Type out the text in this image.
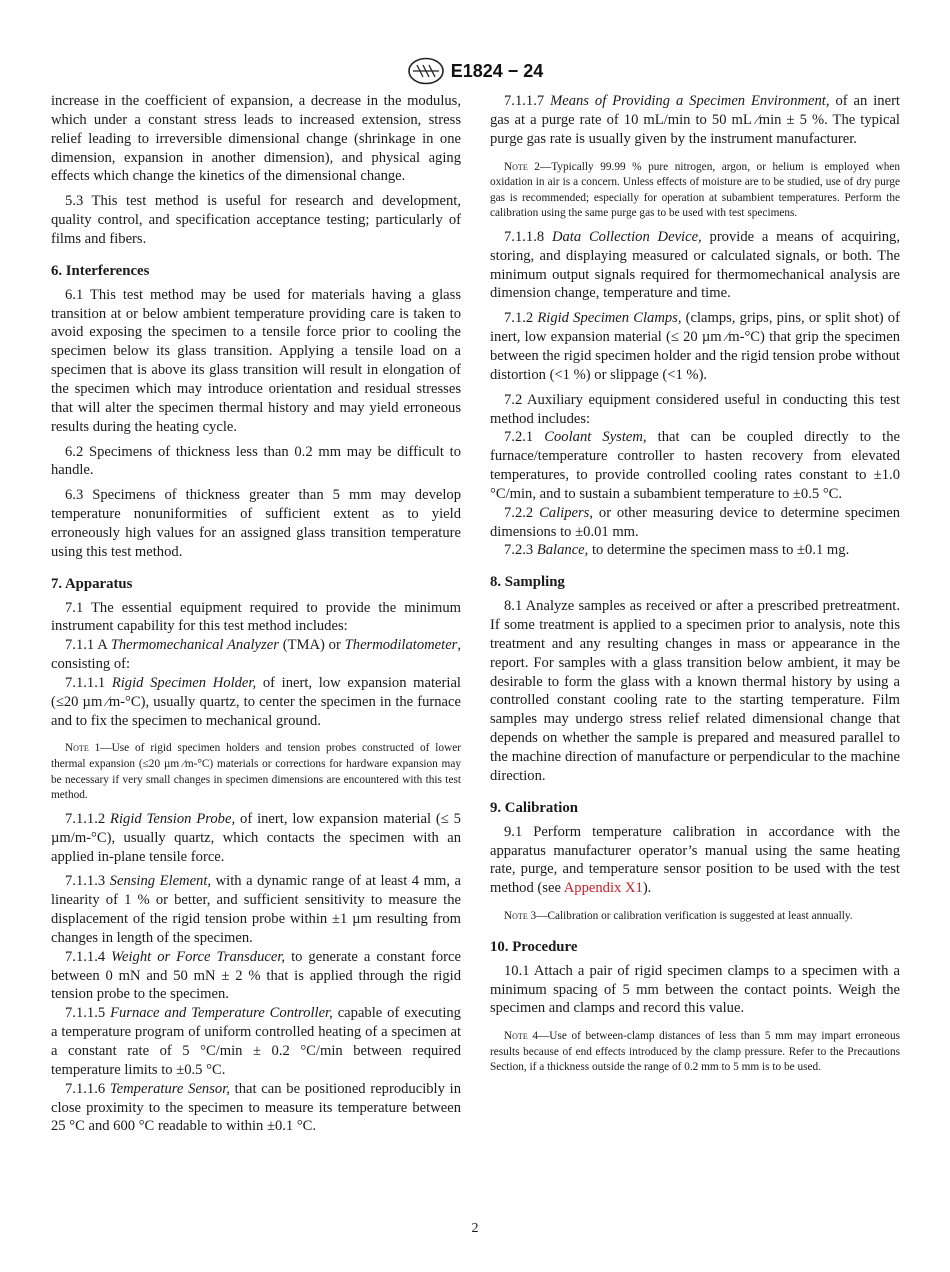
E1824 − 24

increase in the coefficient of expansion, a decrease in the modulus, which under a constant stress leads to increased extension, stress relief leading to irreversible dimensional change (shrinkage in one dimension, expansion in another dimension), and physical aging effects which change the kinetics of the dimensional change.

5.3 This test method is useful for research and development, quality control, and specification acceptance testing; particularly of films and fibers.

6. Interferences

6.1 This test method may be used for materials having a glass transition at or below ambient temperature providing care is taken to avoid exposing the specimen to a tensile force prior to cooling the specimen below its glass transition. Applying a tensile load on a specimen that is above its glass transition will result in elongation of the specimen which may introduce orientation and residual stresses that will alter the specimen thermal history and may yield erroneous results during the heating cycle.

6.2 Specimens of thickness less than 0.2 mm may be difficult to handle.

6.3 Specimens of thickness greater than 5 mm may develop temperature nonuniformities of sufficient extent as to yield erroneously high values for an assigned glass transition temperature using this test method.

7. Apparatus

7.1 The essential equipment required to provide the minimum instrument capability for this test method includes:

7.1.1 A Thermomechanical Analyzer (TMA) or Thermodilatometer, consisting of:

7.1.1.1 Rigid Specimen Holder, of inert, low expansion material (≤20 µm ⁄m-°C), usually quartz, to center the specimen in the furnace and to fix the specimen to mechanical ground.

Note 1—Use of rigid specimen holders and tension probes constructed of lower thermal expansion (≤20 µm ⁄m-°C) materials or corrections for hardware expansion may be necessary if very small changes in specimen dimensions are encountered with this test method.

7.1.1.2 Rigid Tension Probe, of inert, low expansion material (≤ 5 µm/m-°C), usually quartz, which contacts the specimen with an applied in-plane tensile force.

7.1.1.3 Sensing Element, with a dynamic range of at least 4 mm, a linearity of 1 % or better, and sufficient sensitivity to measure the displacement of the rigid tension probe within ±1 µm resulting from changes in length of the specimen.

7.1.1.4 Weight or Force Transducer, to generate a constant force between 0 mN and 50 mN ± 2 % that is applied through the rigid tension probe to the specimen.

7.1.1.5 Furnace and Temperature Controller, capable of executing a temperature program of uniform controlled heating of a specimen at a constant rate of 5 °C/min ± 0.2 °C/min between required temperature limits to ±0.5 °C.

7.1.1.6 Temperature Sensor, that can be positioned reproducibly in close proximity to the specimen to measure its temperature between 25 °C and 600 °C readable to within ±0.1 °C.

7.1.1.7 Means of Providing a Specimen Environment, of an inert gas at a purge rate of 10 mL/min to 50 mL ⁄min ± 5 %. The typical purge gas rate is usually given by the instrument manufacturer.

Note 2—Typically 99.99 % pure nitrogen, argon, or helium is employed when oxidation in air is a concern. Unless effects of moisture are to be studied, use of dry purge gas is recommended; especially for operation at subambient temperatures. Perform the calibration using the same purge gas to be used with test specimens.

7.1.1.8 Data Collection Device, provide a means of acquiring, storing, and displaying measured or calculated signals, or both. The minimum output signals required for thermomechanical analysis are dimension change, temperature and time.

7.1.2 Rigid Specimen Clamps, (clamps, grips, pins, or split shot) of inert, low expansion material (≤ 20 µm ⁄m-°C) that grip the specimen between the rigid specimen holder and the rigid tension probe without distortion (<1 %) or slippage (<1 %).

7.2 Auxiliary equipment considered useful in conducting this test method includes:

7.2.1 Coolant System, that can be coupled directly to the furnace/temperature controller to hasten recovery from elevated temperatures, to provide controlled cooling rates constant to ±1.0 °C/min, and to sustain a subambient temperature to ±0.5 °C.

7.2.2 Calipers, or other measuring device to determine specimen dimensions to ±0.01 mm.

7.2.3 Balance, to determine the specimen mass to ±0.1 mg.

8. Sampling

8.1 Analyze samples as received or after a prescribed pretreatment. If some treatment is applied to a specimen prior to analysis, note this treatment and any resulting changes in mass or appearance in the report. For samples with a glass transition below ambient, it may be desirable to form the glass with a known thermal history by using a controlled constant cooling rate to the starting temperature. Film samples may undergo stress relief related dimensional change that depends on whether the sample is prepared and measured parallel to the machine direction of manufacture or perpendicular to the machine direction.

9. Calibration

9.1 Perform temperature calibration in accordance with the apparatus manufacturer operator’s manual using the same heating rate, purge, and temperature sensor position to be used with the test method (see Appendix X1).

Note 3—Calibration or calibration verification is suggested at least annually.
10. Procedure

10.1 Attach a pair of rigid specimen clamps to a specimen with a minimum spacing of 5 mm between the contact points. Weigh the specimen and clamps and record this value.

Note 4—Use of between-clamp distances of less than 5 mm may impart erroneous results because of end effects introduced by the clamp pressure. Refer to the Precautions Section, if a thickness outside the range of 0.2 mm to 5 mm is to be used.
2
